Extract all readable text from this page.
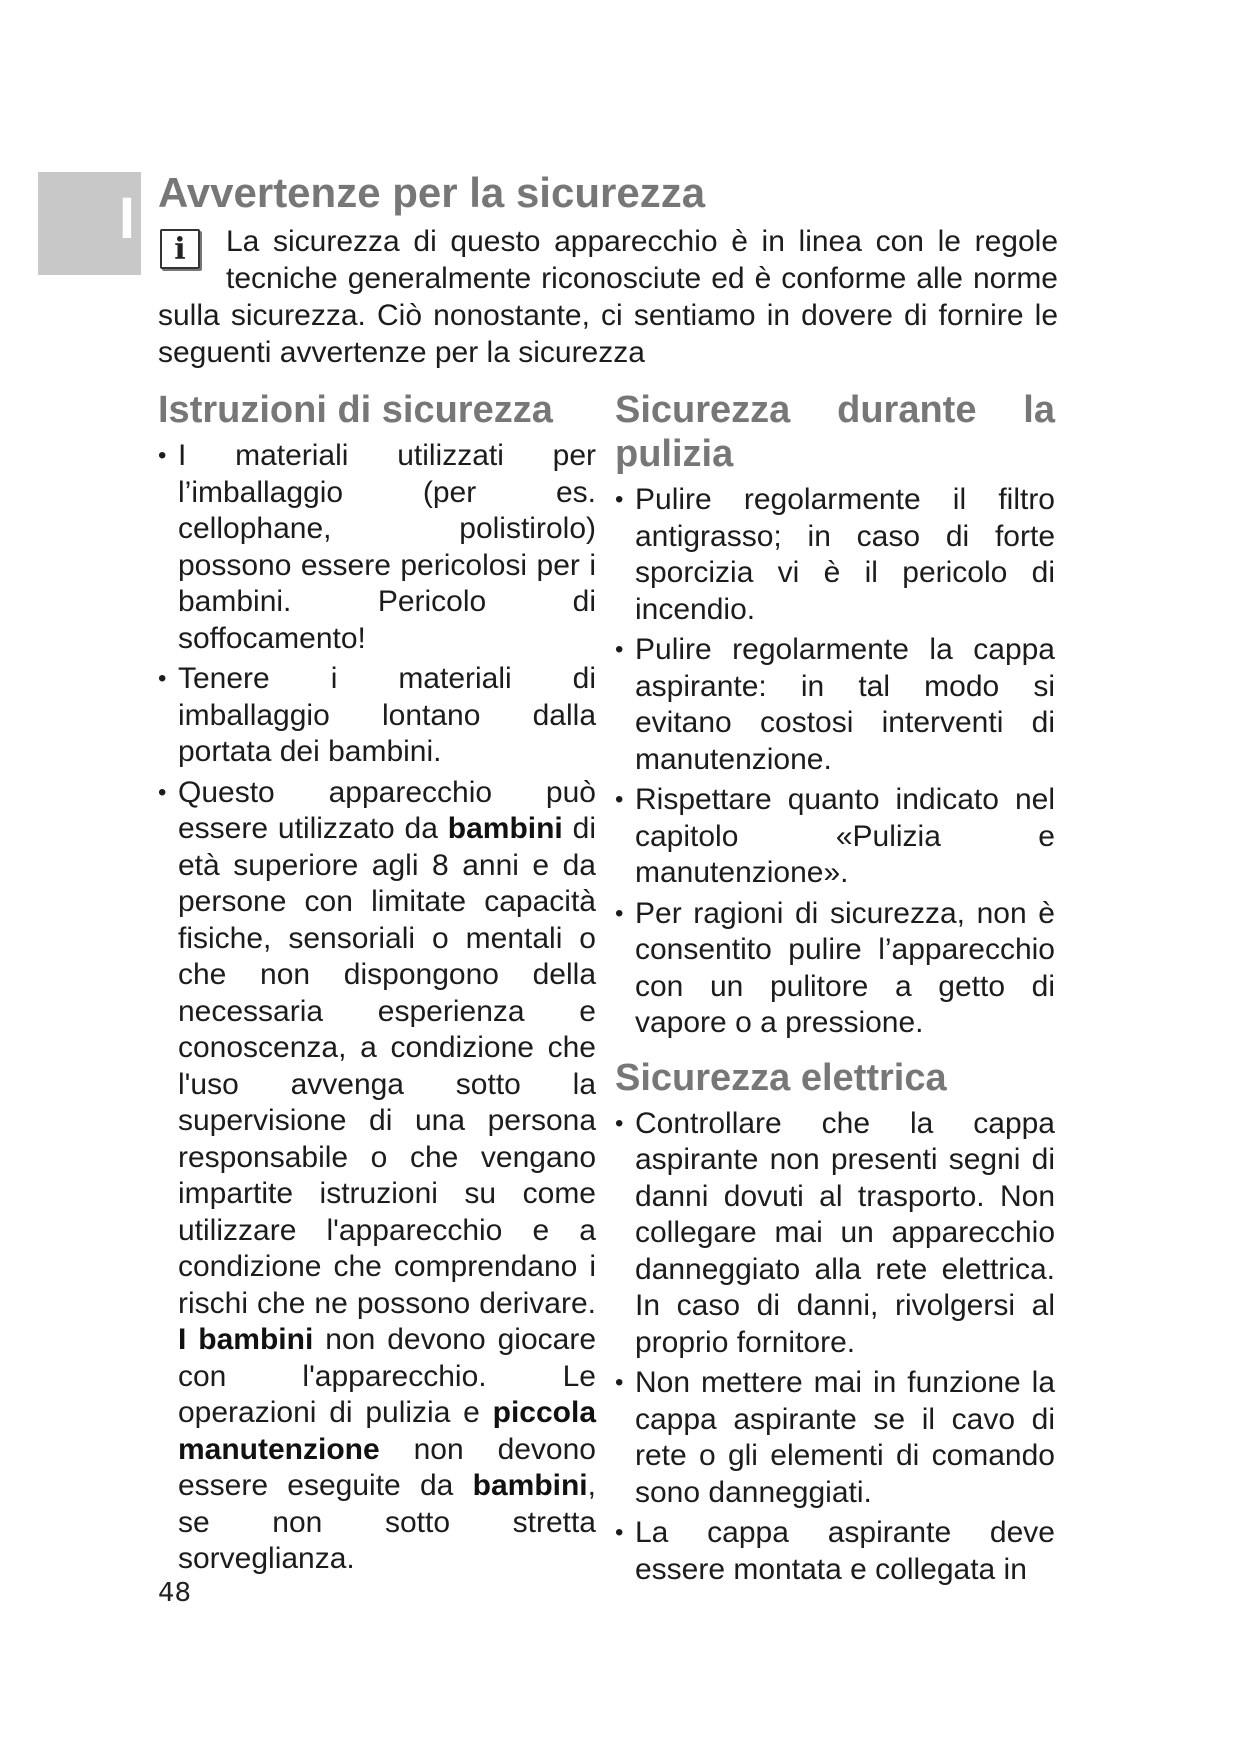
I Avvertenze per la sicurezza
i	La sicurezza di questo apparecchio è in linea con le regole tecniche generalmente riconosciute ed è conforme alle norme sulla sicurezza. Ciò nonostante, ci sentiamo in dovere di fornire le seguenti avvertenze per la sicurezza

Istruzioni di sicurezza
• I materiali utilizzati per l’imballaggio (per es. cellophane, polistirolo) possono essere pericolosi per i bambini. Pericolo di soffocamento!
• Tenere i materiali di imballaggio lontano dalla portata dei bambini.
• Questo apparecchio può essere utilizzato da bambini di età superiore agli 8 anni e da persone con limitate capacità fisiche, sensoriali o mentali o che non dispongono della necessaria esperienza e conoscenza, a condizione che l'uso avvenga sotto la supervisione di una persona responsabile o che vengano impartite istruzioni su come utilizzare l'apparecchio e a condizione che comprendano i rischi che ne possono derivare. I bambini non devono giocare con l'apparecchio. Le operazioni di pulizia e piccola manutenzione non devono essere eseguite da bambini, se non sotto stretta sorveglianza.
Sicurezza durante la pulizia
• Pulire regolarmente il filtro antigrasso; in caso di forte sporcizia vi è il pericolo di incendio.
• Pulire regolarmente la cappa aspirante: in tal modo si evitano costosi interventi di manutenzione.
• Rispettare quanto indicato nel capitolo «Pulizia e manutenzione».
• Per ragioni di sicurezza, non è consentito pulire l’apparecchio con un pulitore a getto di vapore o a pressione.
Sicurezza elettrica
• Controllare che la cappa aspirante non presenti segni di danni dovuti al trasporto. Non collegare mai un apparecchio danneggiato alla rete elettrica. In caso di danni, rivolgersi al proprio fornitore.
• Non mettere mai in funzione la cappa aspirante se il cavo di rete o gli elementi di comando sono danneggiati.
• La cappa aspirante deve essere montata e collegata in
48
